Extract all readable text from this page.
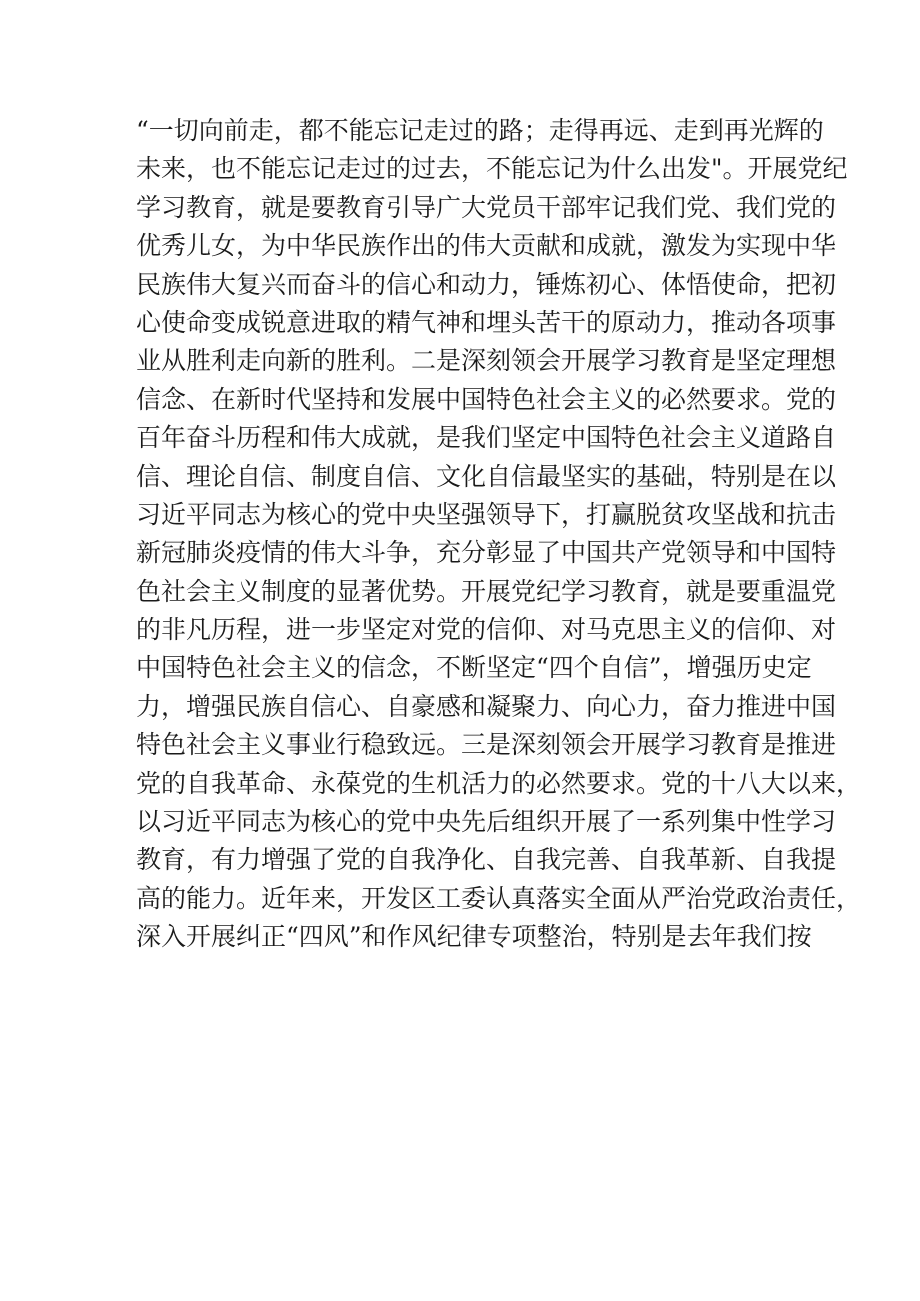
“一切向前走，都不能忘记走过的路；走得再远、走到再光辉的
未来，也不能忘记走过的过去，不能忘记为什么出发"。开展党纪
学习教育，就是要教育引导广大党员干部牢记我们党、我们党的
优秀儿女，为中华民族作出的伟大贡献和成就，激发为实现中华
民族伟大复兴而奋斗的信心和动力，锤炼初心、体悟使命，把初
心使命变成锐意进取的精气神和埋头苦干的原动力，推动各项事
业从胜利走向新的胜利。二是深刻领会开展学习教育是坚定理想
信念、在新时代坚持和发展中国特色社会主义的必然要求。党的
百年奋斗历程和伟大成就，是我们坚定中国特色社会主义道路自
信、理论自信、制度自信、文化自信最坚实的基础，特别是在以
习近平同志为核心的党中央坚强领导下，打赢脱贫攻坚战和抗击
新冠肺炎疫情的伟大斗争，充分彰显了中国共产党领导和中国特
色社会主义制度的显著优势。开展党纪学习教育，就是要重温党
的非凡历程，进一步坚定对党的信仰、对马克思主义的信仰、对
中国特色社会主义的信念，不断坚定“四个自信”，增强历史定
力，增强民族自信心、自豪感和凝聚力、向心力，奋力推进中国
特色社会主义事业行稳致远。三是深刻领会开展学习教育是推进
党的自我革命、永葆党的生机活力的必然要求。党的十八大以来，
以习近平同志为核心的党中央先后组织开展了一系列集中性学习
教育，有力增强了党的自我净化、自我完善、自我革新、自我提
高的能力。近年来，开发区工委认真落实全面从严治党政治责任，
深入开展纠正“四风”和作风纪律专项整治，特别是去年我们按
